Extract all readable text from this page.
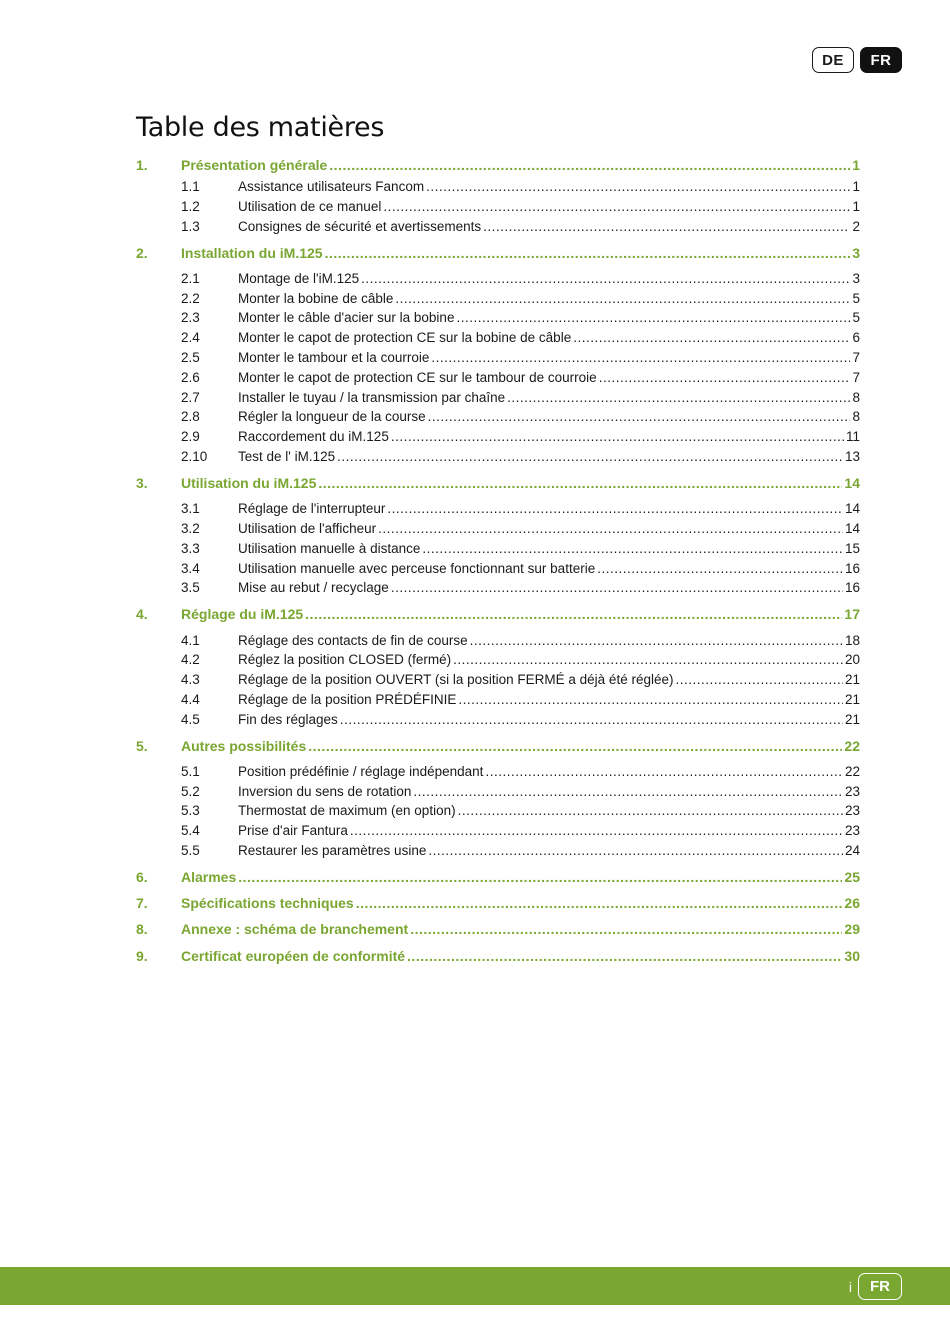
DE	FR
Table des matières
1.	Présentation générale .....	1
1.1	Assistance utilisateurs Fancom .....	1
1.2	Utilisation de ce manuel .....	1
1.3	Consignes de sécurité et avertissements .....	2
2.	Installation du iM.125 .....	3
2.1	Montage de l'iM.125 .....	3
2.2	Monter la bobine de câble .....	5
2.3	Monter le câble d'acier sur la bobine .....	5
2.4	Monter le capot de protection CE sur la bobine de câble .....	6
2.5	Monter le tambour et la courroie .....	7
2.6	Monter le capot de protection CE sur le tambour de courroie .....	7
2.7	Installer le tuyau / la transmission par chaîne .....	8
2.8	Régler la longueur de la course .....	8
2.9	Raccordement du iM.125 .....	11
2.10	Test de l' iM.125 .....	13
3.	Utilisation du iM.125 .....	14
3.1	Réglage de l'interrupteur .....	14
3.2	Utilisation de l'afficheur .....	14
3.3	Utilisation manuelle à distance .....	15
3.4	Utilisation manuelle avec perceuse fonctionnant sur batterie .....	16
3.5	Mise au rebut / recyclage .....	16
4.	Réglage du iM.125 .....	17
4.1	Réglage des contacts de fin de course .....	18
4.2	Réglez la position CLOSED (fermé) .....	20
4.3	Réglage de la position OUVERT (si la position FERMÉ a déjà été réglée) .....	21
4.4	Réglage de la position PRÉDÉFINIE .....	21
4.5	Fin des réglages .....	21
5.	Autres possibilités .....	22
5.1	Position prédéfinie / réglage indépendant .....	22
5.2	Inversion du sens de rotation .....	23
5.3	Thermostat de maximum (en option) .....	23
5.4	Prise d'air Fantura .....	23
5.5	Restaurer les paramètres usine .....	24
6.	Alarmes .....	25
7.	Spécifications techniques .....	26
8.	Annexe : schéma de branchement .....	29
9.	Certificat européen de conformité .....	30
i	FR
